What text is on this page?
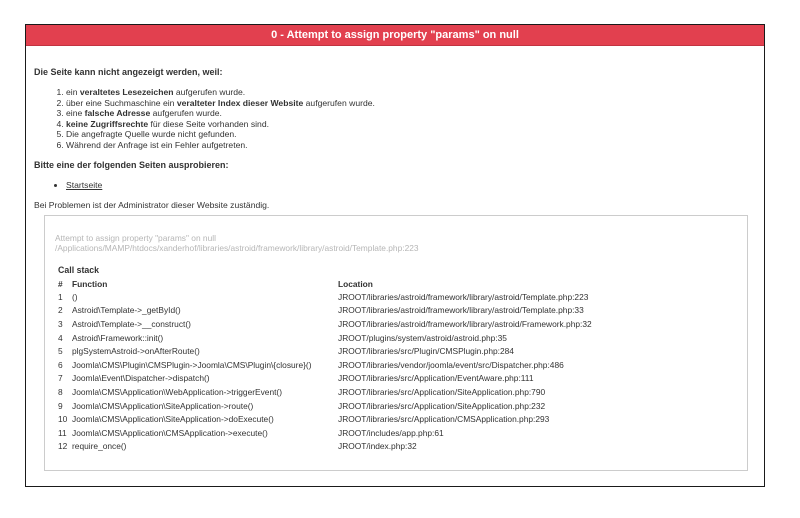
0 - Attempt to assign property "params" on null
Die Seite kann nicht angezeigt werden, weil:
1. ein veraltetes Lesezeichen aufgerufen wurde.
2. über eine Suchmaschine ein veralteter Index dieser Website aufgerufen wurde.
3. eine falsche Adresse aufgerufen wurde.
4. keine Zugriffsrechte für diese Seite vorhanden sind.
5. Die angefragte Quelle wurde nicht gefunden.
6. Während der Anfrage ist ein Fehler aufgetreten.
Bitte eine der folgenden Seiten ausprobieren:
• Startseite
Bei Problemen ist der Administrator dieser Website zuständig.
Attempt to assign property "params" on null
/Applications/MAMP/htdocs/xanderhof/libraries/astroid/framework/library/astroid/Template.php:223
Call stack
#	Function	Location
1	()	JROOT/libraries/astroid/framework/library/astroid/Template.php:223
2	Astroid\Template->_getById()	JROOT/libraries/astroid/framework/library/astroid/Template.php:33
3	Astroid\Template->__construct()	JROOT/libraries/astroid/framework/library/astroid/Framework.php:32
4	Astroid\Framework::init()	JROOT/plugins/system/astroid/astroid.php:35
5	plgSystemAstroid->onAfterRoute()	JROOT/libraries/src/Plugin/CMSPlugin.php:284
6	Joomla\CMS\Plugin\CMSPlugin->Joomla\CMS\Plugin\{closure}()	JROOT/libraries/vendor/joomla/event/src/Dispatcher.php:486
7	Joomla\Event\Dispatcher->dispatch()	JROOT/libraries/src/Application/EventAware.php:111
8	Joomla\CMS\Application\WebApplication->triggerEvent()	JROOT/libraries/src/Application/SiteApplication.php:790
9	Joomla\CMS\Application\SiteApplication->route()	JROOT/libraries/src/Application/SiteApplication.php:232
10	Joomla\CMS\Application\SiteApplication->doExecute()	JROOT/libraries/src/Application/CMSApplication.php:293
11	Joomla\CMS\Application\CMSApplication->execute()	JROOT/includes/app.php:61
12	require_once()	JROOT/index.php:32
